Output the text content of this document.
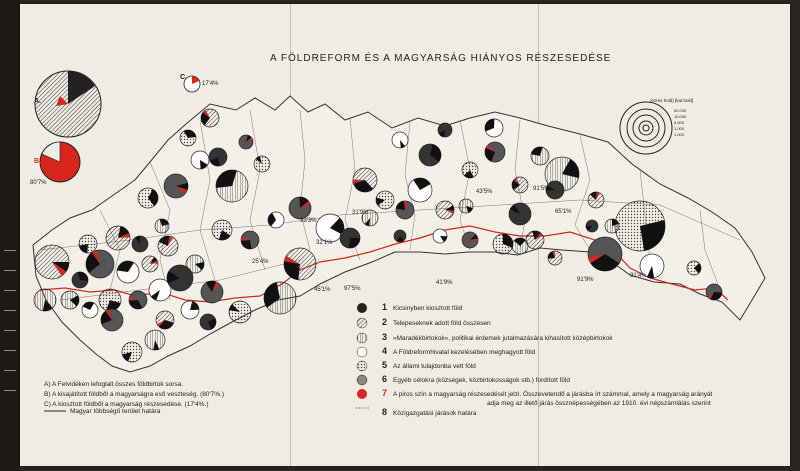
A FÖLDREFORM ÉS A MAGYARSÁG HIÁNYOS RÉSZESEDÉSE
A.
B.
80'7%
C.
17'4%
(ezres hold) [kat.hold]
50.000
10.000
5.000
1.000
1.000
33'3%
32'1%
45'1%
31'9%
91'5%
97'5%
43'5%
65'1%
25'4%
91'9%
91'4%
41'9%
1 Kicsinyben kiosztott föld
2 Telepeseknek adott föld összesen
3 »Maradékbirtokok«, politikai érdemek jutalmazására kihasított középbirtokok
4 A Földreformhivatal kezelésében meghagyott föld
5 Az állami tulajdonba vett föld
6 Egyéb célokra (községek, közbirtokosságok stb.) fordított föld
7 A piros szín a magyarság részesedését jelzi. Összevetendő a járásba írt számmal, amely a magyarság arányát
adja meg az illető járás össznépességében az 1910. évi népszámlálás szerint
8 Közigazgatási járások határa
A) A Felvidéken lefoglalt összes földbirtok sorsa.
B) A kisajátított földből a magyarságra eső veszteség. (80'7%.)
C) A kiosztott földből a magyarság részesedése. (17'4%.)
Magyar többségű terület határa
